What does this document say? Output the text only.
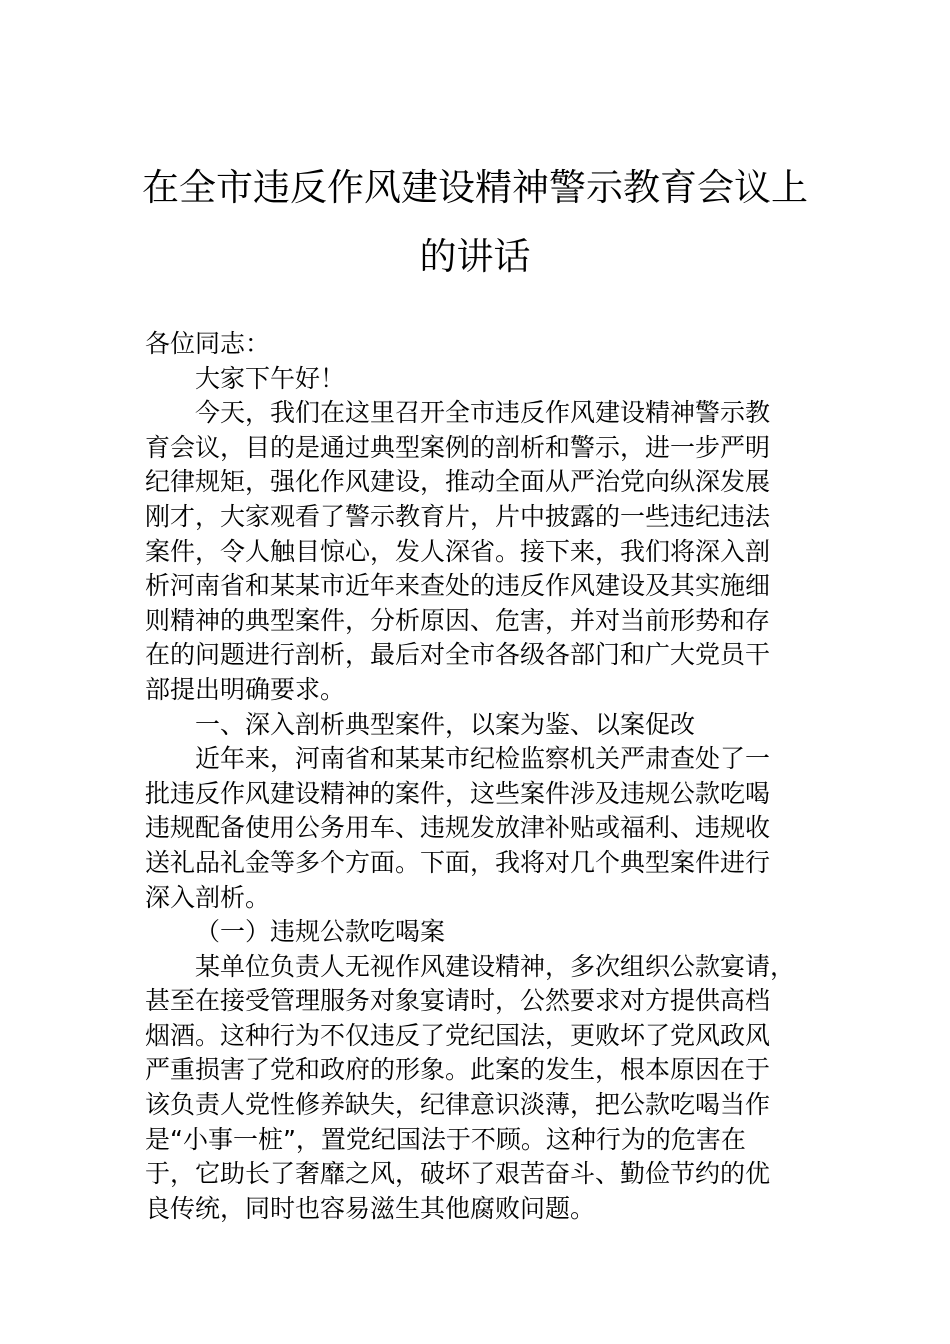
在全市违反作风建设精神警示教育会议上
的讲话
各位同志：
大家下午好！
今天，我们在这里召开全市违反作风建设精神警示教
育会议，目的是通过典型案例的剖析和警示，进一步严明
纪律规矩，强化作风建设，推动全面从严治党向纵深发展
刚才，大家观看了警示教育片，片中披露的一些违纪违法
案件，令人触目惊心，发人深省。接下来，我们将深入剖
析河南省和某某市近年来查处的违反作风建设及其实施细
则精神的典型案件，分析原因、危害，并对当前形势和存
在的问题进行剖析，最后对全市各级各部门和广大党员干
部提出明确要求。
一、深入剖析典型案件，以案为鉴、以案促改
近年来，河南省和某某市纪检监察机关严肃查处了一
批违反作风建设精神的案件，这些案件涉及违规公款吃喝
违规配备使用公务用车、违规发放津补贴或福利、违规收
送礼品礼金等多个方面。下面，我将对几个典型案件进行
深入剖析。
（一）违规公款吃喝案
某单位负责人无视作风建设精神，多次组织公款宴请，
甚至在接受管理服务对象宴请时，公然要求对方提供高档
烟酒。这种行为不仅违反了党纪国法，更败坏了党风政风
严重损害了党和政府的形象。此案的发生，根本原因在于
该负责人党性修养缺失，纪律意识淡薄，把公款吃喝当作
是“小事一桩”，置党纪国法于不顾。这种行为的危害在
于，它助长了奢靡之风，破坏了艰苦奋斗、勤俭节约的优
良传统，同时也容易滋生其他腐败问题。
